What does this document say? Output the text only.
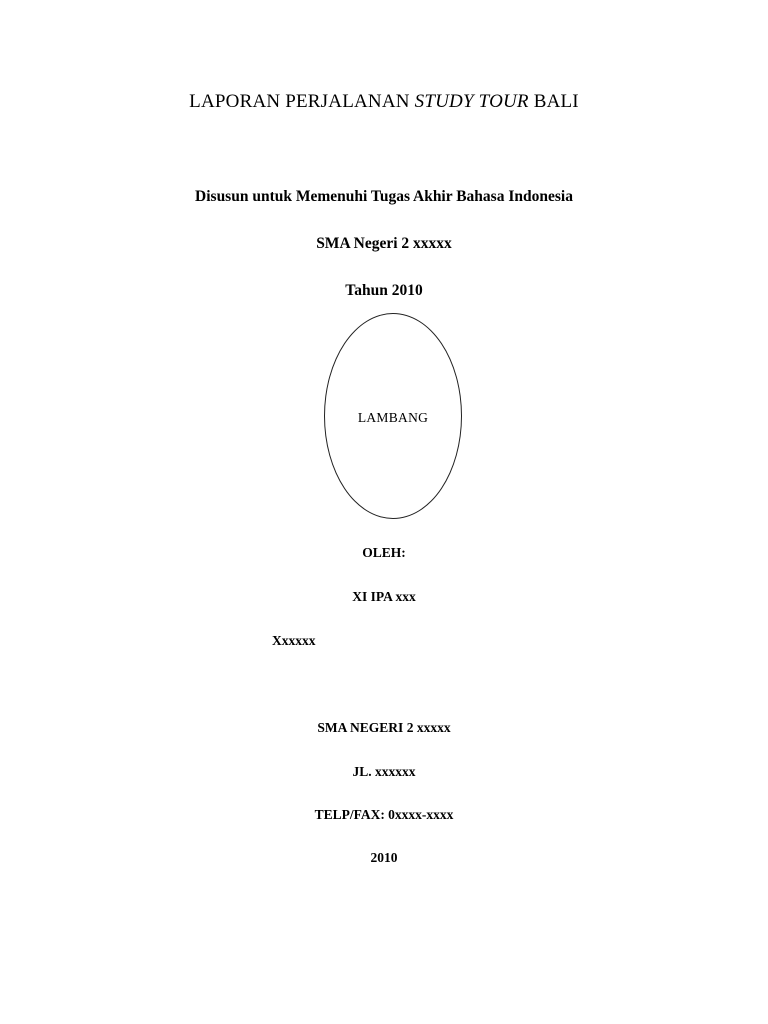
LAPORAN PERJALANAN STUDY TOUR BALI
Disusun untuk Memenuhi Tugas Akhir Bahasa Indonesia
SMA Negeri 2 xxxxx
Tahun 2010
LAMBANG
OLEH:
XI IPA xxx
Xxxxxx
SMA NEGERI 2 xxxxx
JL. xxxxxx
TELP/FAX: 0xxxx-xxxx
2010
